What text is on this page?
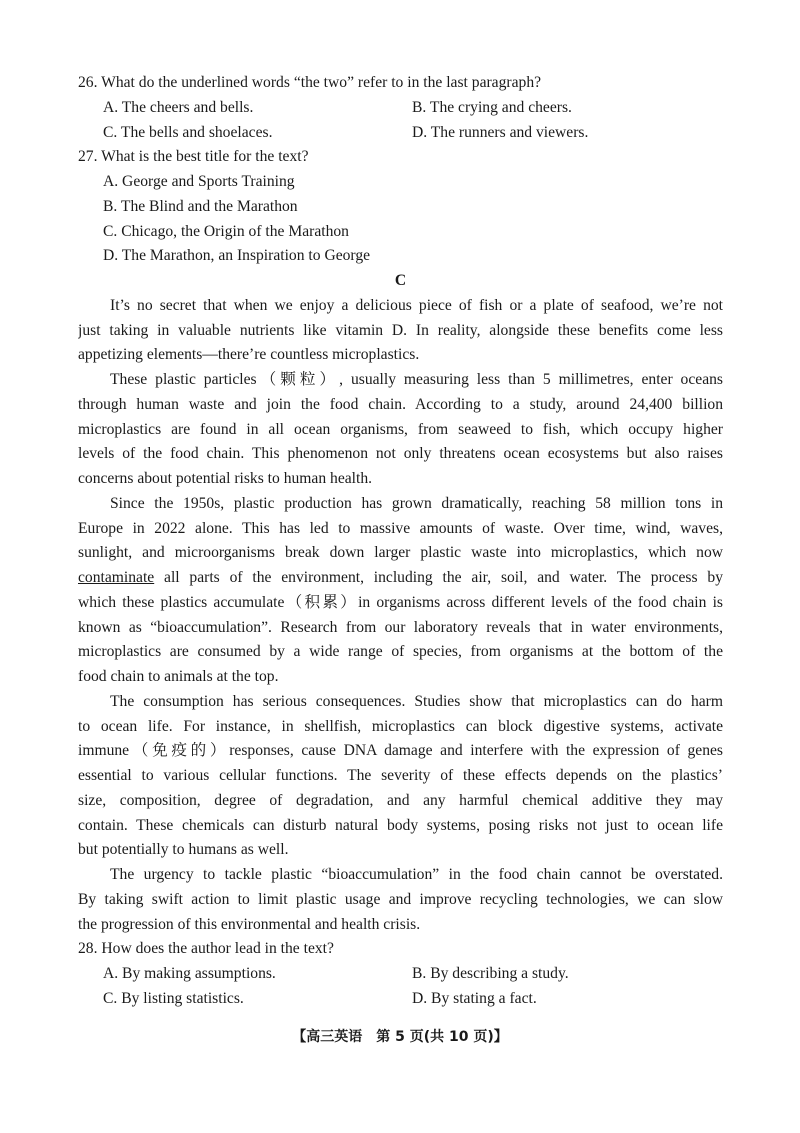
26. What do the underlined words “the two” refer to in the last paragraph?
A. The cheers and bells.	B. The crying and cheers.
C. The bells and shoelaces.	D. The runners and viewers.
27. What is the best title for the text?
A. George and Sports Training
B. The Blind and the Marathon
C. Chicago, the Origin of the Marathon
D. The Marathon, an Inspiration to George
C
It’s no secret that when we enjoy a delicious piece of fish or a plate of seafood, we’re not
just taking in valuable nutrients like vitamin D. In reality, alongside these benefits come less
appetizing elements—there’re countless microplastics.
These plastic particles（颗粒）, usually measuring less than 5 millimetres, enter oceans
through human waste and join the food chain. According to a study, around 24,400 billion
microplastics are found in all ocean organisms, from seaweed to fish, which occupy higher
levels of the food chain. This phenomenon not only threatens ocean ecosystems but also raises
concerns about potential risks to human health.
Since the 1950s, plastic production has grown dramatically, reaching 58 million tons in
Europe in 2022 alone. This has led to massive amounts of waste. Over time, wind, waves,
sunlight, and microorganisms break down larger plastic waste into microplastics, which now
contaminate all parts of the environment, including the air, soil, and water. The process by
which these plastics accumulate（积累）in organisms across different levels of the food chain is
known as “bioaccumulation”. Research from our laboratory reveals that in water environments,
microplastics are consumed by a wide range of species, from organisms at the bottom of the
food chain to animals at the top.
The consumption has serious consequences. Studies show that microplastics can do harm
to ocean life. For instance, in shellfish, microplastics can block digestive systems, activate
immune（免疫的）responses, cause DNA damage and interfere with the expression of genes
essential to various cellular functions. The severity of these effects depends on the plastics’
size, composition, degree of degradation, and any harmful chemical additive they may
contain. These chemicals can disturb natural body systems, posing risks not just to ocean life
but potentially to humans as well.
The urgency to tackle plastic “bioaccumulation” in the food chain cannot be overstated.
By taking swift action to limit plastic usage and improve recycling technologies, we can slow
the progression of this environmental and health crisis.
28. How does the author lead in the text?
A. By making assumptions.	B. By describing a study.
C. By listing statistics.	D. By stating a fact.
【高三英语　第 5 页(共 10 页)】
